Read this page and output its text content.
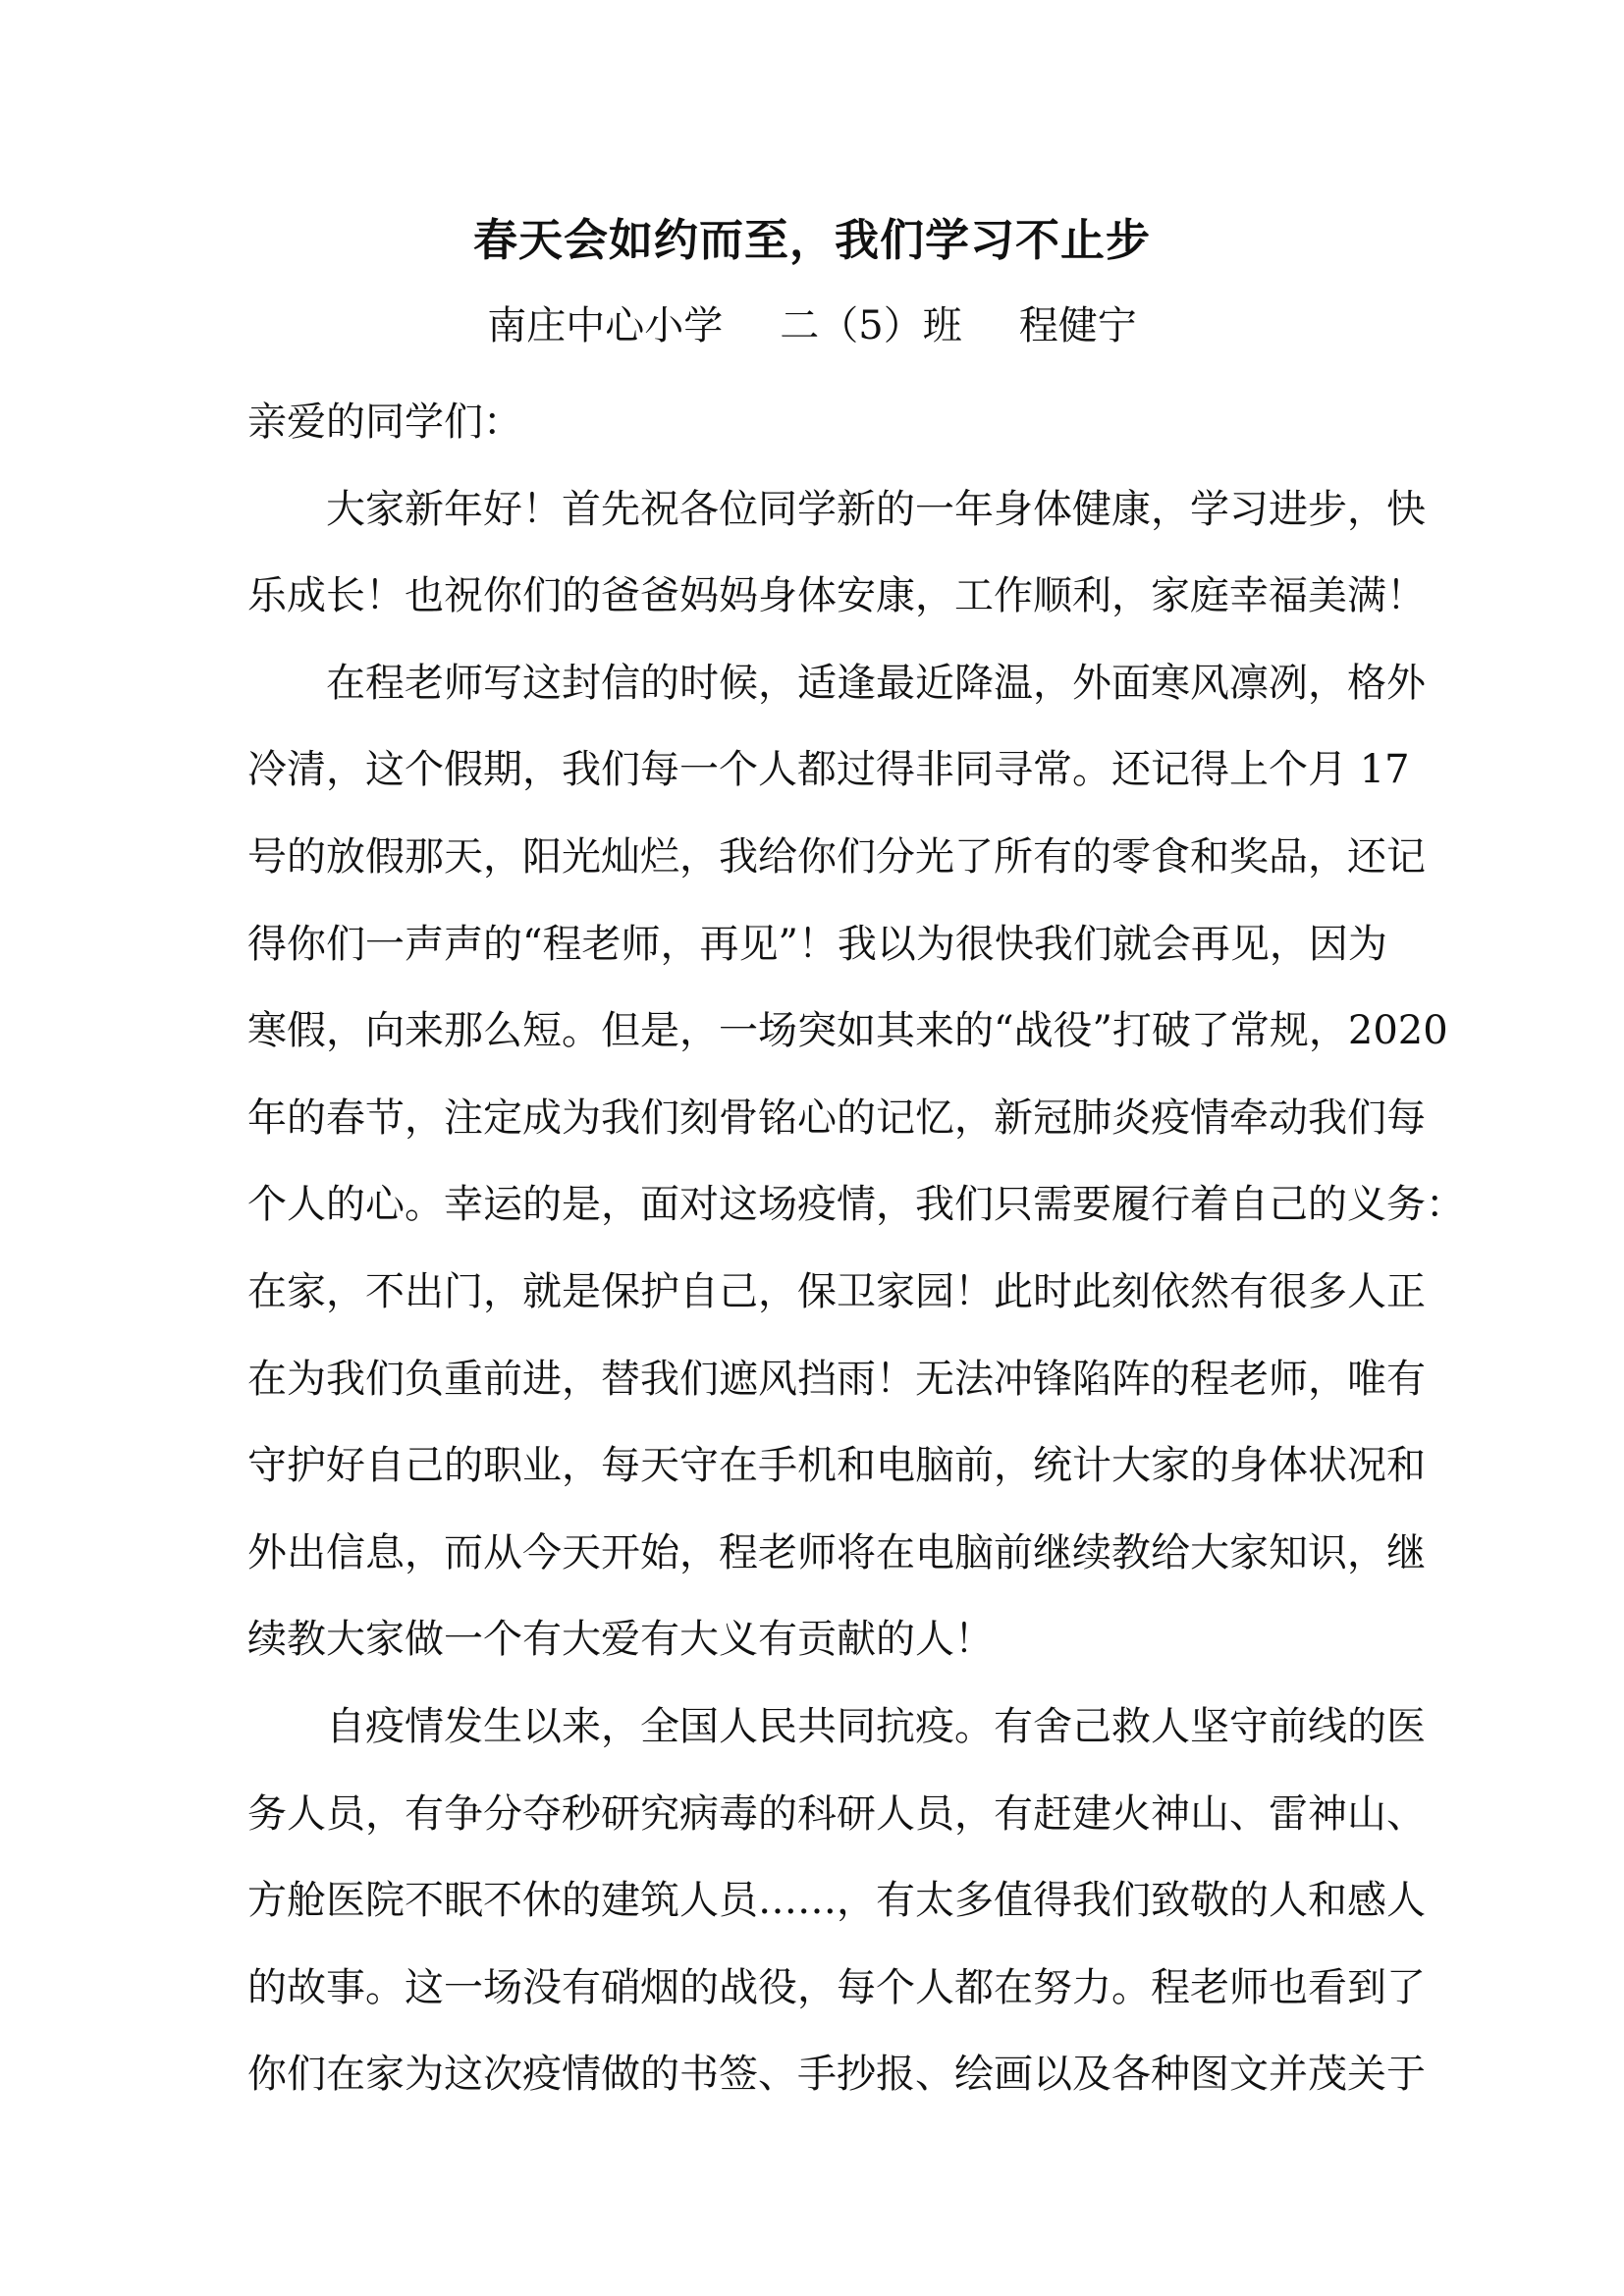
春天会如约而至，我们学习不止步
南庄中心小学 二（5）班 程健宁

亲爱的同学们：

大家新年好！首先祝各位同学新的一年身体健康，学习进步，快
乐成长！也祝你们的爸爸妈妈身体安康，工作顺利，家庭幸福美满！

在程老师写这封信的时候，适逢最近降温，外面寒风凛冽，格外
冷清，这个假期，我们每一个人都过得非同寻常。还记得上个月 17
号的放假那天，阳光灿烂，我给你们分光了所有的零食和奖品，还记
得你们一声声的“程老师，再见”！我以为很快我们就会再见，因为
寒假，向来那么短。但是，一场突如其来的“战役”打破了常规，2020
年的春节，注定成为我们刻骨铭心的记忆，新冠肺炎疫情牵动我们每
个人的心。幸运的是，面对这场疫情，我们只需要履行着自己的义务：
在家，不出门，就是保护自己，保卫家园！此时此刻依然有很多人正
在为我们负重前进，替我们遮风挡雨！无法冲锋陷阵的程老师，唯有
守护好自己的职业，每天守在手机和电脑前，统计大家的身体状况和
外出信息，而从今天开始，程老师将在电脑前继续教给大家知识，继
续教大家做一个有大爱有大义有贡献的人！

自疫情发生以来，全国人民共同抗疫。有舍己救人坚守前线的医
务人员，有争分夺秒研究病毒的科研人员，有赶建火神山、雷神山、
方舱医院不眠不休的建筑人员……，有太多值得我们致敬的人和感人
的故事。这一场没有硝烟的战役，每个人都在努力。程老师也看到了
你们在家为这次疫情做的书签、手抄报、绘画以及各种图文并茂关于
